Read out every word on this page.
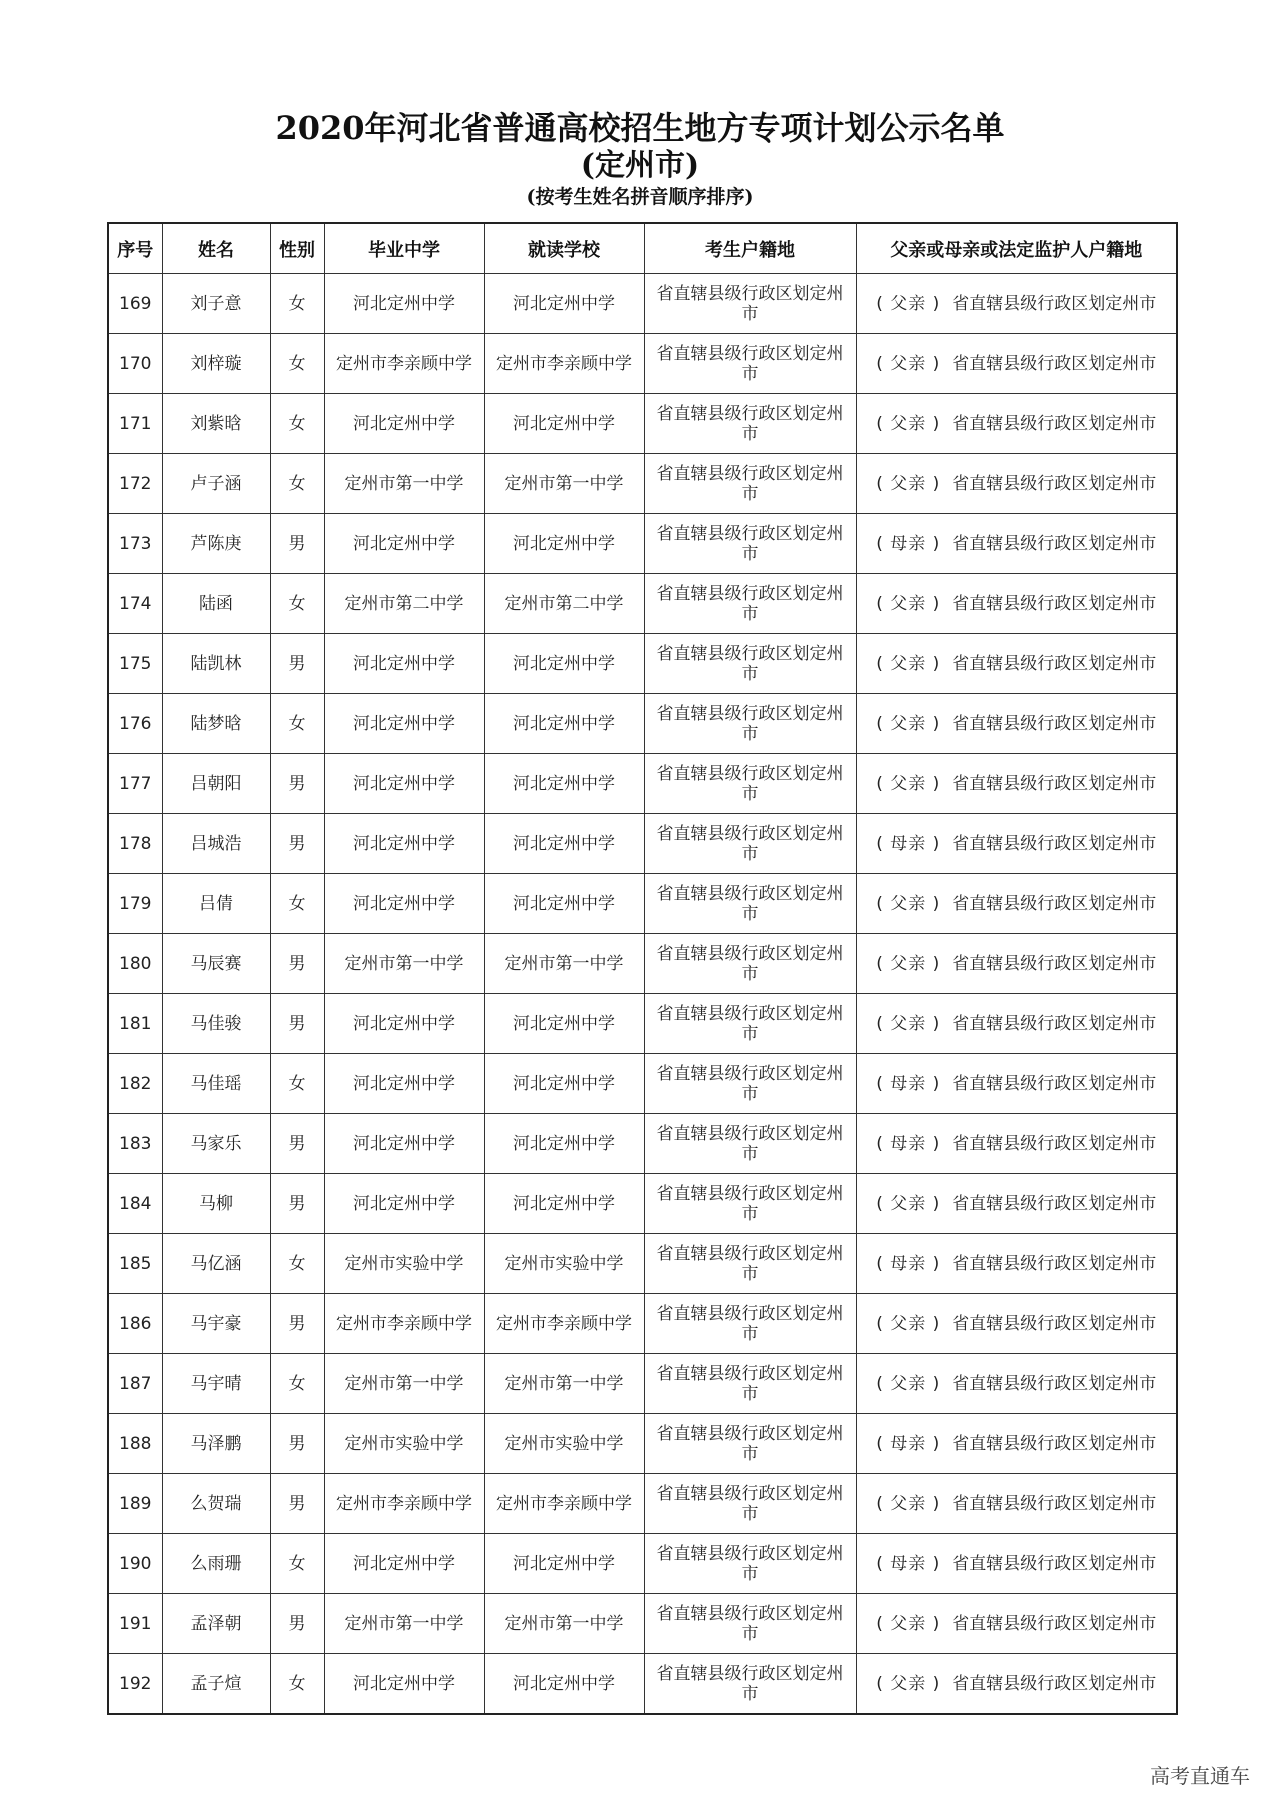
2020年河北省普通高校招生地方专项计划公示名单
(定州市)
(按考生姓名拼音顺序排序)
序号	姓名	性别	毕业中学	就读学校	考生户籍地	父亲或母亲或法定监护人户籍地
169	刘子意	女	河北定州中学	河北定州中学	省直辖县级行政区划定州市	( 父亲 ) 省直辖县级行政区划定州市
170	刘梓璇	女	定州市李亲顾中学	定州市李亲顾中学	省直辖县级行政区划定州市	( 父亲 ) 省直辖县级行政区划定州市
171	刘紫晗	女	河北定州中学	河北定州中学	省直辖县级行政区划定州市	( 父亲 ) 省直辖县级行政区划定州市
172	卢子涵	女	定州市第一中学	定州市第一中学	省直辖县级行政区划定州市	( 父亲 ) 省直辖县级行政区划定州市
173	芦陈庚	男	河北定州中学	河北定州中学	省直辖县级行政区划定州市	( 母亲 ) 省直辖县级行政区划定州市
174	陆函	女	定州市第二中学	定州市第二中学	省直辖县级行政区划定州市	( 父亲 ) 省直辖县级行政区划定州市
175	陆凯林	男	河北定州中学	河北定州中学	省直辖县级行政区划定州市	( 父亲 ) 省直辖县级行政区划定州市
176	陆梦晗	女	河北定州中学	河北定州中学	省直辖县级行政区划定州市	( 父亲 ) 省直辖县级行政区划定州市
177	吕朝阳	男	河北定州中学	河北定州中学	省直辖县级行政区划定州市	( 父亲 ) 省直辖县级行政区划定州市
178	吕城浩	男	河北定州中学	河北定州中学	省直辖县级行政区划定州市	( 母亲 ) 省直辖县级行政区划定州市
179	吕倩	女	河北定州中学	河北定州中学	省直辖县级行政区划定州市	( 父亲 ) 省直辖县级行政区划定州市
180	马辰赛	男	定州市第一中学	定州市第一中学	省直辖县级行政区划定州市	( 父亲 ) 省直辖县级行政区划定州市
181	马佳骏	男	河北定州中学	河北定州中学	省直辖县级行政区划定州市	( 父亲 ) 省直辖县级行政区划定州市
182	马佳瑶	女	河北定州中学	河北定州中学	省直辖县级行政区划定州市	( 母亲 ) 省直辖县级行政区划定州市
183	马家乐	男	河北定州中学	河北定州中学	省直辖县级行政区划定州市	( 母亲 ) 省直辖县级行政区划定州市
184	马柳	男	河北定州中学	河北定州中学	省直辖县级行政区划定州市	( 父亲 ) 省直辖县级行政区划定州市
185	马亿涵	女	定州市实验中学	定州市实验中学	省直辖县级行政区划定州市	( 母亲 ) 省直辖县级行政区划定州市
186	马宇豪	男	定州市李亲顾中学	定州市李亲顾中学	省直辖县级行政区划定州市	( 父亲 ) 省直辖县级行政区划定州市
187	马宇晴	女	定州市第一中学	定州市第一中学	省直辖县级行政区划定州市	( 父亲 ) 省直辖县级行政区划定州市
188	马泽鹏	男	定州市实验中学	定州市实验中学	省直辖县级行政区划定州市	( 母亲 ) 省直辖县级行政区划定州市
189	么贺瑞	男	定州市李亲顾中学	定州市李亲顾中学	省直辖县级行政区划定州市	( 父亲 ) 省直辖县级行政区划定州市
190	么雨珊	女	河北定州中学	河北定州中学	省直辖县级行政区划定州市	( 母亲 ) 省直辖县级行政区划定州市
191	孟泽朝	男	定州市第一中学	定州市第一中学	省直辖县级行政区划定州市	( 父亲 ) 省直辖县级行政区划定州市
192	孟子煊	女	河北定州中学	河北定州中学	省直辖县级行政区划定州市	( 父亲 ) 省直辖县级行政区划定州市
高考直通车
